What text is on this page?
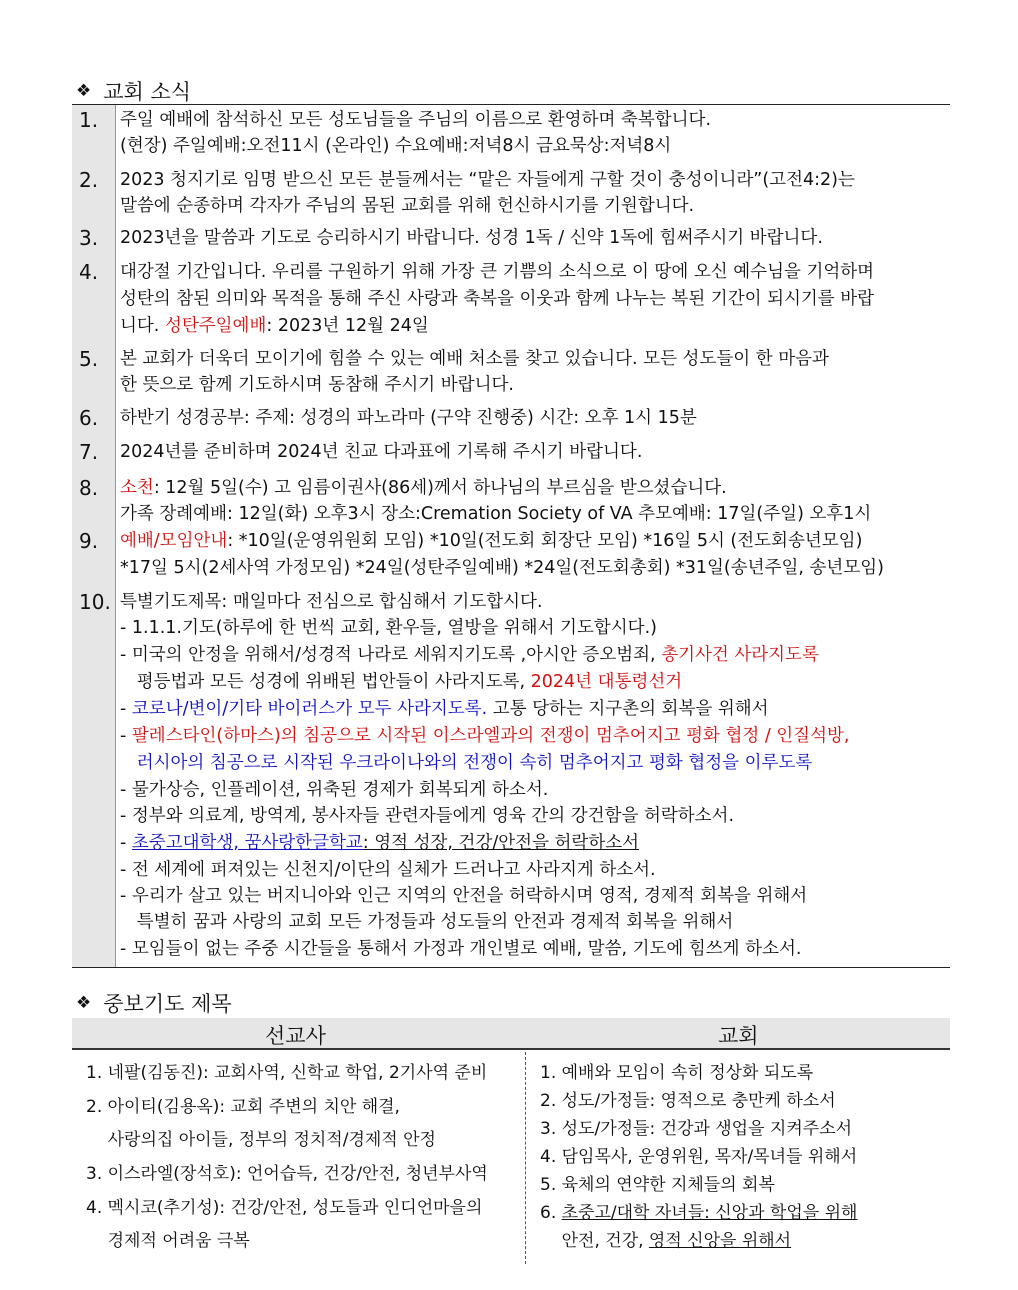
❖ 교회 소식
1. 주일 예배에 참석하신 모든 성도님들을 주님의 이름으로 환영하며 축복합니다.
(현장) 주일예배:오전11시 (온라인) 수요예배:저녁8시 금요묵상:저녁8시
2. 2023 청지기로 임명 받으신 모든 분들께서는 “맡은 자들에게 구할 것이 충성이니라”(고전4:2)는
말씀에 순종하며 각자가 주님의 몸된 교회를 위해 헌신하시기를 기원합니다.
3. 2023년을 말씀과 기도로 승리하시기 바랍니다. 성경 1독 / 신약 1독에 힘써주시기 바랍니다.
4. 대강절 기간입니다. 우리를 구원하기 위해 가장 큰 기쁨의 소식으로 이 땅에 오신 예수님을 기억하며
성탄의 참된 의미와 목적을 통해 주신 사랑과 축복을 이웃과 함께 나누는 복된 기간이 되시기를 바랍
니다. 성탄주일예배: 2023년 12월 24일
5. 본 교회가 더욱더 모이기에 힘쓸 수 있는 예배 처소를 찾고 있습니다. 모든 성도들이 한 마음과
한 뜻으로 함께 기도하시며 동참해 주시기 바랍니다.
6. 하반기 성경공부: 주제: 성경의 파노라마 (구약 진행중) 시간: 오후 1시 15분
7. 2024년를 준비하며 2024년 친교 다과표에 기록해 주시기 바랍니다.
8. 소천: 12월 5일(수) 고 임름이권사(86세)께서 하나님의 부르심을 받으셨습니다.
가족 장례예배: 12일(화) 오후3시 장소:Cremation Society of VA 추모예배: 17일(주일) 오후1시
9. 예배/모임안내: *10일(운영위원회 모임) *10일(전도회 회장단 모임) *16일 5시 (전도회송년모임)
*17일 5시(2세사역 가정모임) *24일(성탄주일예배) *24일(전도회총회) *31일(송년주일, 송년모임)
10. 특별기도제목: 매일마다 전심으로 합심해서 기도합시다.
- 1.1.1.기도(하루에 한 번씩 교회, 환우들, 열방을 위해서 기도합시다.)
- 미국의 안정을 위해서/성경적 나라로 세워지기도록 ,아시안 증오범죄, 총기사건 사라지도록
평등법과 모든 성경에 위배된 법안들이 사라지도록, 2024년 대통령선거
- 코로나/변이/기타 바이러스가 모두 사라지도록. 고통 당하는 지구촌의 회복을 위해서
- 팔레스타인(하마스)의 침공으로 시작된 이스라엘과의 전쟁이 멈추어지고 평화 협정 / 인질석방,
러시아의 침공으로 시작된 우크라이나와의 전쟁이 속히 멈추어지고 평화 협정을 이루도록
- 물가상승, 인플레이션, 위축된 경제가 회복되게 하소서.
- 정부와 의료계, 방역계, 봉사자들 관련자들에게 영육 간의 강건함을 허락하소서.
- 초중고대학생, 꿈사랑한글학교: 영적 성장, 건강/안전을 허락하소서
- 전 세계에 퍼져있는 신천지/이단의 실체가 드러나고 사라지게 하소서.
- 우리가 살고 있는 버지니아와 인근 지역의 안전을 허락하시며 영적, 경제적 회복을 위해서
특별히 꿈과 사랑의 교회 모든 가정들과 성도들의 안전과 경제적 회복을 위해서
- 모임들이 없는 주중 시간들을 통해서 가정과 개인별로 예배, 말씀, 기도에 힘쓰게 하소서.
❖ 중보기도 제목
선교사	교회
1. 네팔(김동진): 교회사역, 신학교 학업, 2기사역 준비
2. 아이티(김용옥): 교회 주변의 치안 해결,
사랑의집 아이들, 정부의 정치적/경제적 안정
3. 이스라엘(장석호): 언어습득, 건강/안전, 청년부사역
4. 멕시코(추기성): 건강/안전, 성도들과 인디언마을의
경제적 어려움 극복
1. 예배와 모임이 속히 정상화 되도록
2. 성도/가정들: 영적으로 충만케 하소서
3. 성도/가정들: 건강과 생업을 지켜주소서
4. 담임목사, 운영위원, 목자/목녀들 위해서
5. 육체의 연약한 지체들의 회복
6. 초중고/대학 자녀들: 신앙과 학업을 위해
안전, 건강, 영적 신앙을 위해서
